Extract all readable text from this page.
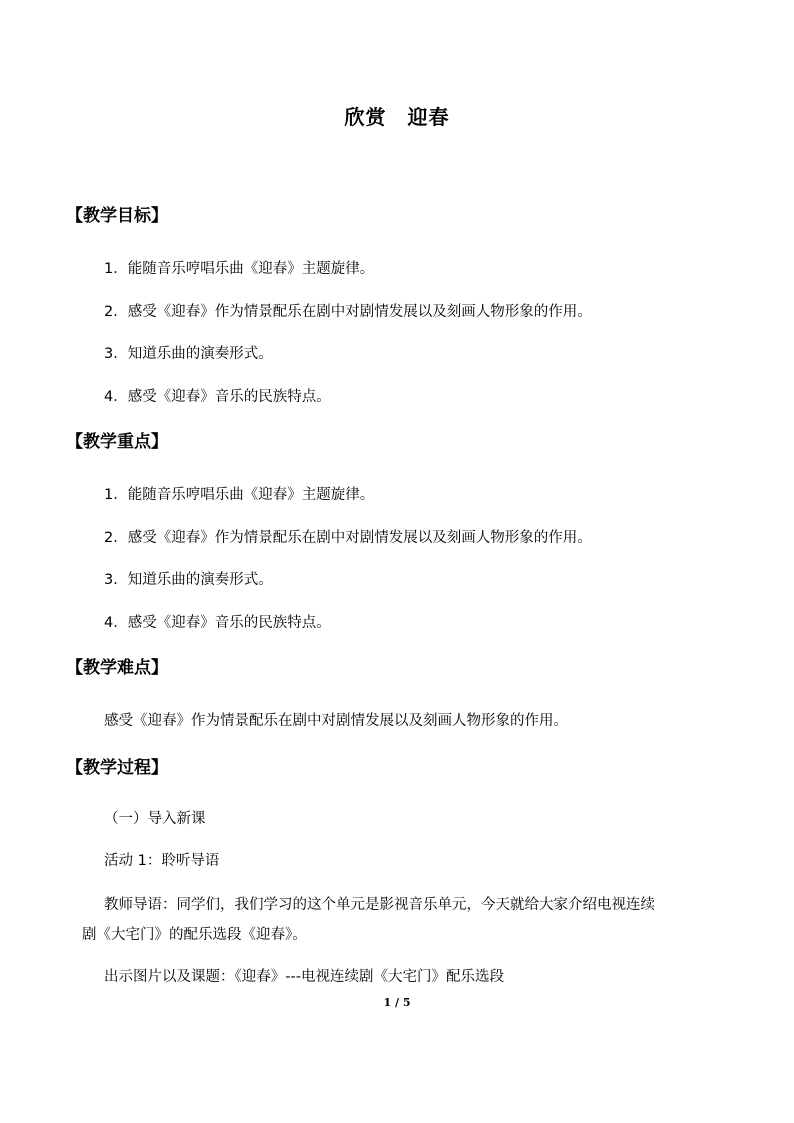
欣赏　迎春
【教学目标】
1．能随音乐哼唱乐曲《迎春》主题旋律。
2．感受《迎春》作为情景配乐在剧中对剧情发展以及刻画人物形象的作用。
3．知道乐曲的演奏形式。
4．感受《迎春》音乐的民族特点。
【教学重点】
1．能随音乐哼唱乐曲《迎春》主题旋律。
2．感受《迎春》作为情景配乐在剧中对剧情发展以及刻画人物形象的作用。
3．知道乐曲的演奏形式。
4．感受《迎春》音乐的民族特点。
【教学难点】
感受《迎春》作为情景配乐在剧中对剧情发展以及刻画人物形象的作用。
【教学过程】
（一）导入新课
活动 1：聆听导语
教师导语：同学们，我们学习的这个单元是影视音乐单元，今天就给大家介绍电视连续
剧《大宅门》的配乐选段《迎春》。
出示图片以及课题：《迎春》---电视连续剧《大宅门》配乐选段
1 / 5
